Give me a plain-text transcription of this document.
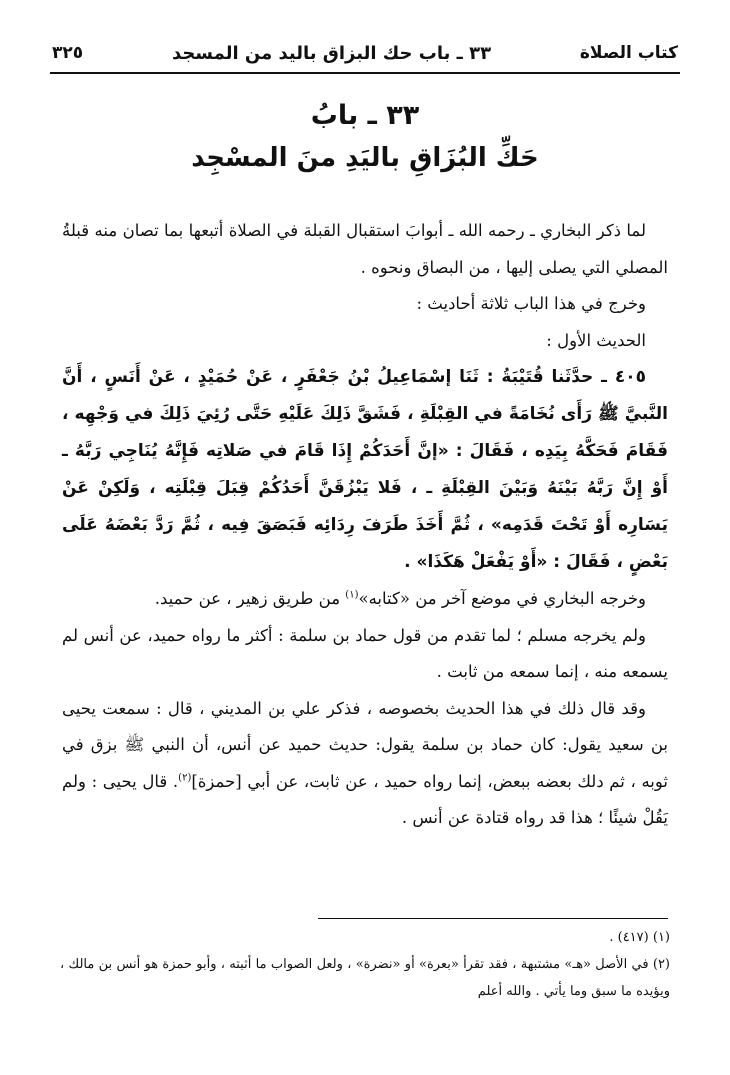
كتاب الصلاة
٣٣ ـ باب حك البزاق باليد من المسجد
٣٢٥
٣٣ ـ بابُ
حَكِّ البُزَاقِ باليَدِ منَ المسْجِد

لما ذكر البخاري ـ رحمه الله ـ أبوابَ استقبال القبلة في الصلاة أتبعها بما تصان منه قبلةُ المصلي التي يصلى إليها ، من البصاق ونحوه .

وخرج في هذا الباب ثلاثة أحاديث :

الحديث الأول :

٤٠٥ ـ حدَّثَنا قُتَيْبَةُ : ثَنَا إسْمَاعِيلُ بْنُ جَعْفَرٍ ، عَنْ حُمَيْدٍ ، عَنْ أَنَسٍ ، أَنَّ النَّبيَّ ﷺ رَأَى نُخَامَةً في القِبْلَةِ ، فَشَقَّ ذَلِكَ عَلَيْهِ حَتَّى رُئِيَ ذَلِكَ في وَجْهِه ، فَقَامَ فَحَكَّهُ بِيَدِه ، فَقَالَ : «إنَّ أَحَدَكُمْ إِذَا قَامَ في صَلاتِه فَإِنَّهُ يُنَاجِي رَبَّهُ ـ أَوْ إِنَّ رَبَّهُ بَيْنَهُ وَبَيْنَ القِبْلَةِ ـ ، فَلا يَبْزُقَنَّ أَحَدُكُمْ قِبَلَ قِبْلَتِه ، وَلَكِنْ عَنْ يَسَارِه أَوْ تَحْتَ قَدَمِه» ، ثُمَّ أَخَذَ طَرَفَ رِدَائِه فَبَصَقَ فِيه ، ثُمَّ رَدَّ بَعْضَهُ عَلَى بَعْضٍ ، فَقَالَ : «أَوْ يَفْعَلْ هَكَذَا» .

وخرجه البخاري في موضع آخر من «كتابه»$^{(١)}$ من طريق زهير ، عن حميد.

ولم يخرجه مسلم ؛ لما تقدم من قول حماد بن سلمة : أكثر ما رواه حميد، عن أنس لم يسمعه منه ، إنما سمعه من ثابت .

وقد قال ذلك في هذا الحديث بخصوصه ، فذكر علي بن المديني ، قال : سمعت يحيى بن سعيد يقول: كان حماد بن سلمة يقول: حديث حميد عن أنس، أن النبي ﷺ بزق في ثوبه ، ثم دلك بعضه ببعض، إنما رواه حميد ، عن ثابت، عن أبي [حمزة]$^{(٢)}$. قال يحيى : ولم يَقُلْ شيئًا ؛ هذا قد رواه قتادة عن أنس .

(١) (٤١٧) .

(٢) في الأصل «هـ» مشتبهة ، فقد تقرأ «بعرة» أو «نضرة» ، ولعل الصواب ما أثبته ، وأبو حمزة هو أنس بن مالك ، ويؤيده ما سبق وما يأتي . والله أعلم
